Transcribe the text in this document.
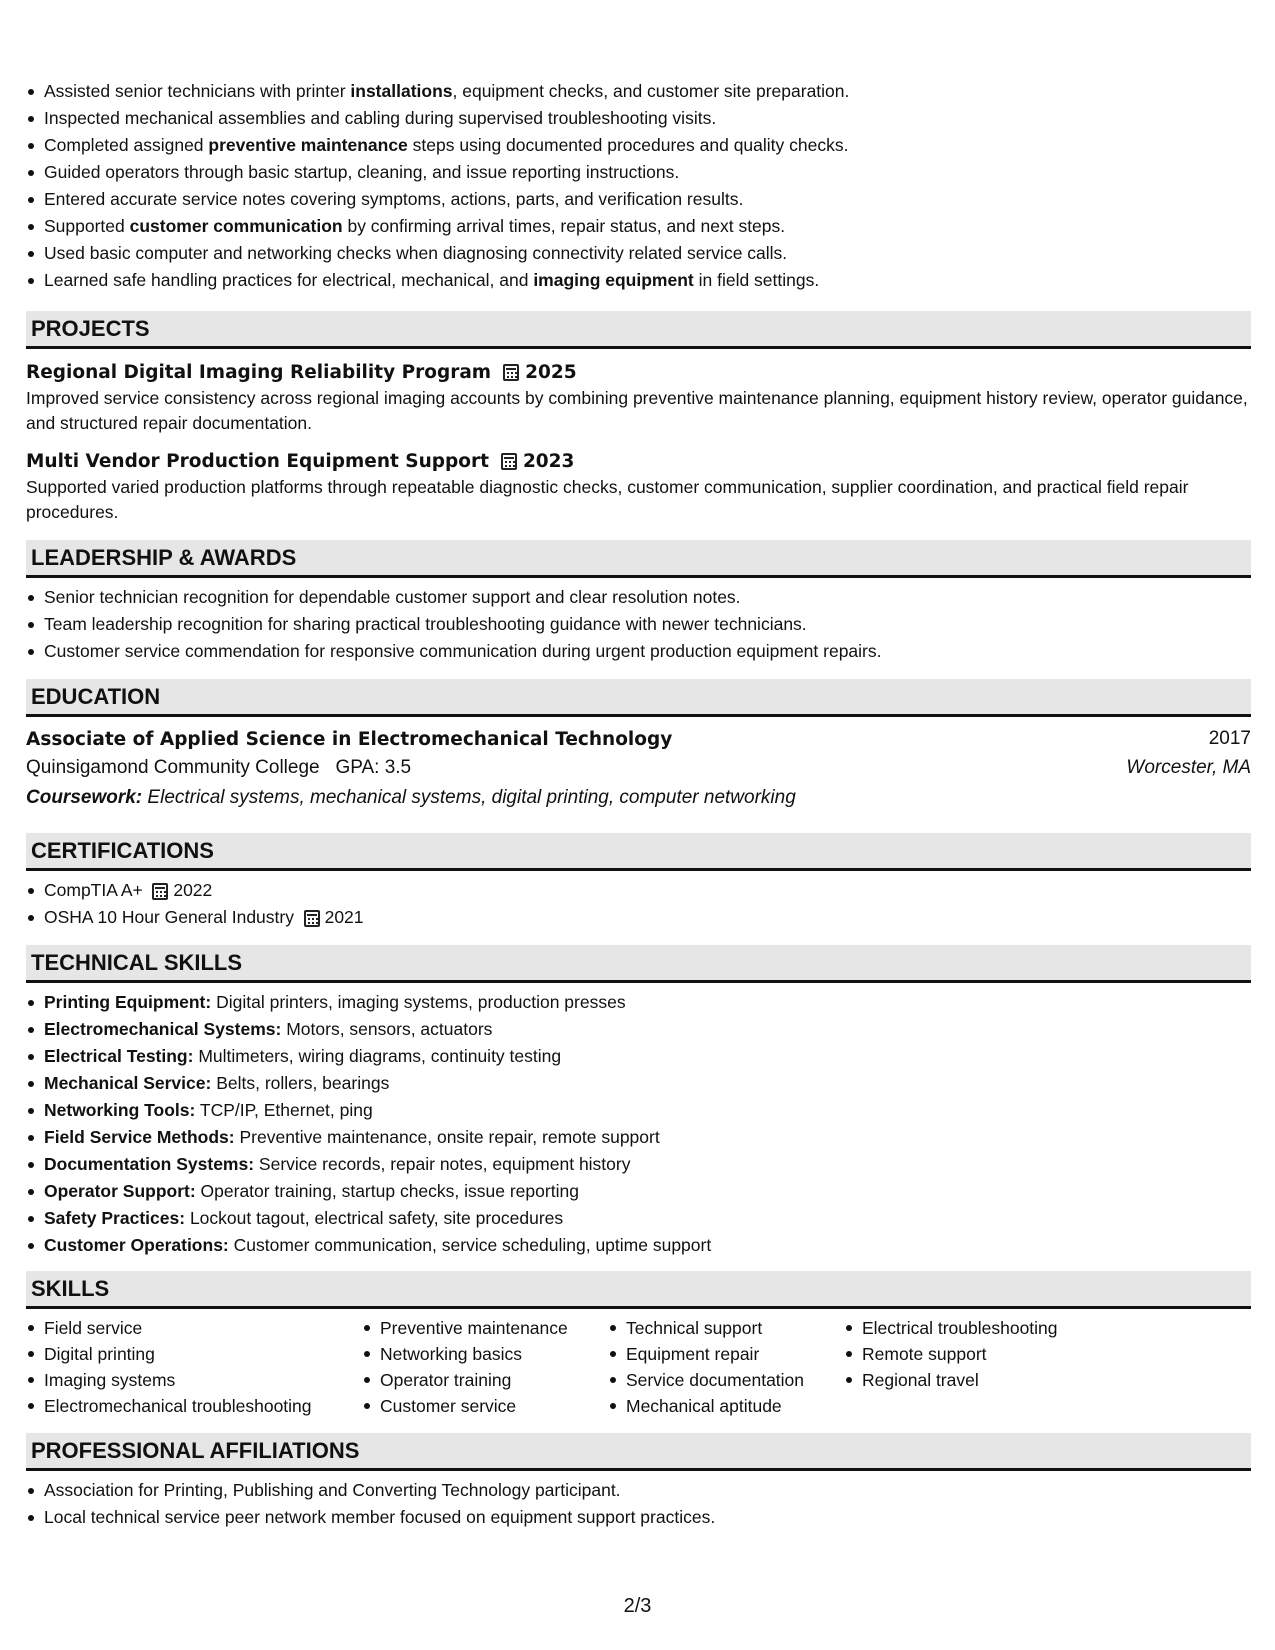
Assisted senior technicians with printer installations, equipment checks, and customer site preparation.
Inspected mechanical assemblies and cabling during supervised troubleshooting visits.
Completed assigned preventive maintenance steps using documented procedures and quality checks.
Guided operators through basic startup, cleaning, and issue reporting instructions.
Entered accurate service notes covering symptoms, actions, parts, and verification results.
Supported customer communication by confirming arrival times, repair status, and next steps.
Used basic computer and networking checks when diagnosing connectivity related service calls.
Learned safe handling practices for electrical, mechanical, and imaging equipment in field settings.
PROJECTS
Regional Digital Imaging Reliability Program 2025
Improved service consistency across regional imaging accounts by combining preventive maintenance planning, equipment history review, operator guidance, and structured repair documentation.
Multi Vendor Production Equipment Support 2023
Supported varied production platforms through repeatable diagnostic checks, customer communication, supplier coordination, and practical field repair procedures.
LEADERSHIP & AWARDS
Senior technician recognition for dependable customer support and clear resolution notes.
Team leadership recognition for sharing practical troubleshooting guidance with newer technicians.
Customer service commendation for responsive communication during urgent production equipment repairs.
EDUCATION
Associate of Applied Science in Electromechanical Technology	2017
Quinsigamond Community College GPA: 3.5	Worcester, MA
Coursework: Electrical systems, mechanical systems, digital printing, computer networking
CERTIFICATIONS
CompTIA A+ 2022
OSHA 10 Hour General Industry 2021
TECHNICAL SKILLS
Printing Equipment: Digital printers, imaging systems, production presses
Electromechanical Systems: Motors, sensors, actuators
Electrical Testing: Multimeters, wiring diagrams, continuity testing
Mechanical Service: Belts, rollers, bearings
Networking Tools: TCP/IP, Ethernet, ping
Field Service Methods: Preventive maintenance, onsite repair, remote support
Documentation Systems: Service records, repair notes, equipment history
Operator Support: Operator training, startup checks, issue reporting
Safety Practices: Lockout tagout, electrical safety, site procedures
Customer Operations: Customer communication, service scheduling, uptime support
SKILLS
Field service
Digital printing
Imaging systems
Electromechanical troubleshooting
Preventive maintenance
Networking basics
Operator training
Customer service
Technical support
Equipment repair
Service documentation
Mechanical aptitude
Electrical troubleshooting
Remote support
Regional travel
PROFESSIONAL AFFILIATIONS
Association for Printing, Publishing and Converting Technology participant.
Local technical service peer network member focused on equipment support practices.
2/3
